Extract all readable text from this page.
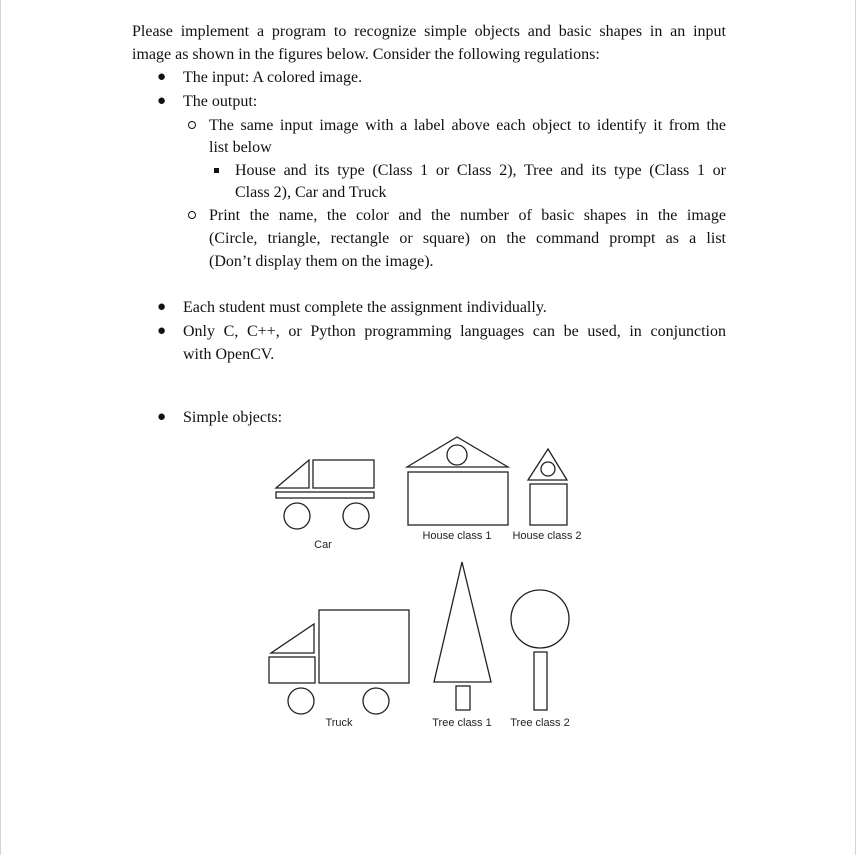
Please implement a program to recognize simple objects and basic shapes in an input
image as shown in the figures below. Consider the following regulations:
● The input: A colored image.
● The output:
The same input image with a label above each object to identify it from the
list below
House and its type (Class 1 or Class 2), Tree and its type (Class 1 or
Class 2), Car and Truck
Print the name, the color and the number of basic shapes in the image
(Circle, triangle, rectangle or square) on the command prompt as a list
(Don’t display them on the image).
● Each student must complete the assignment individually.
● Only C, C++, or Python programming languages can be used, in conjunction
with OpenCV.
● Simple objects:
Car
House class 1 House class 2
Truck	Tree class 1 Tree class 2
